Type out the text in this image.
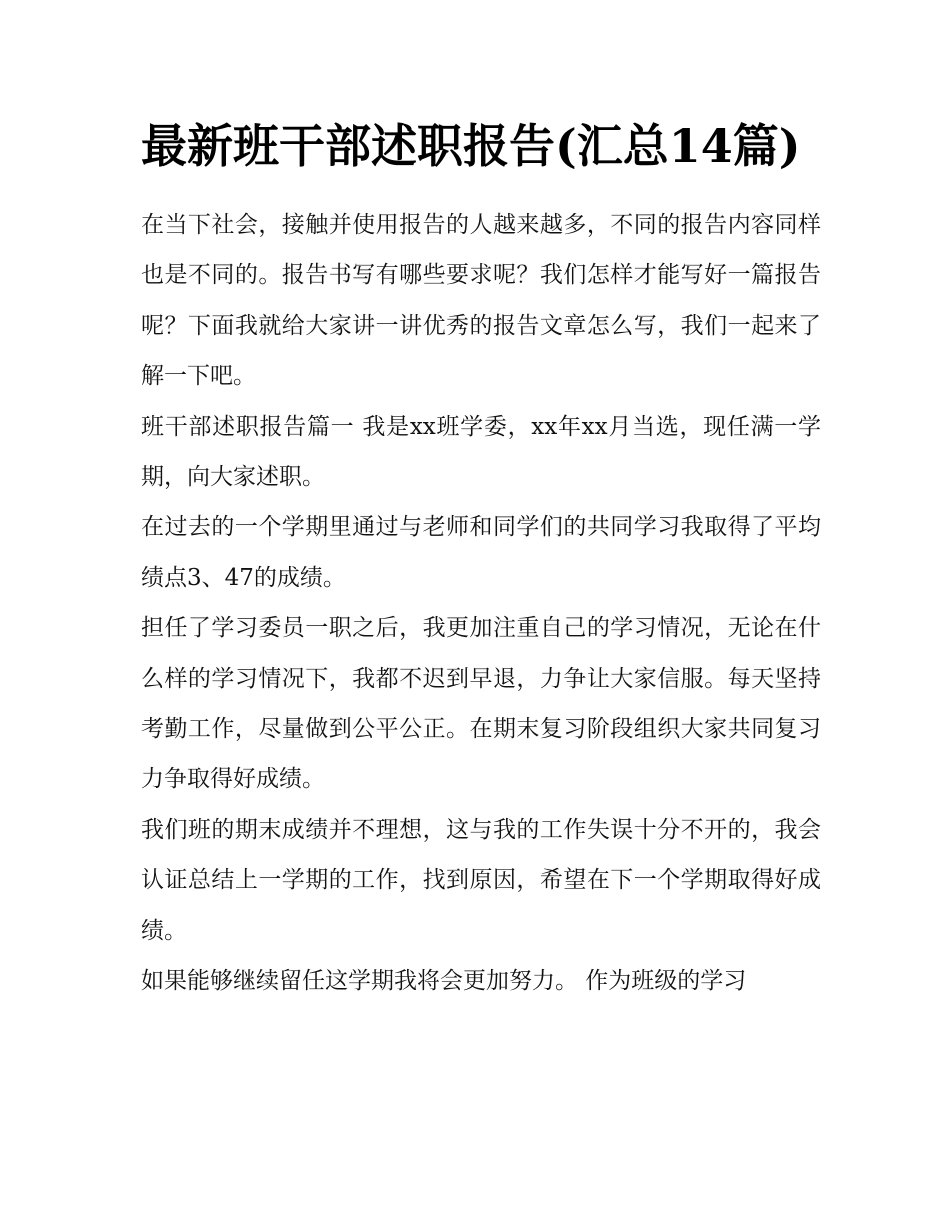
最新班干部述职报告(汇总14篇)

在当下社会，接触并使用报告的人越来越多，不同的报告内容同样也是不同的。报告书写有哪些要求呢？我们怎样才能写好一篇报告呢？下面我就给大家讲一讲优秀的报告文章怎么写，我们一起来了解一下吧。

班干部述职报告篇一 我是xx班学委，xx年xx月当选，现任满一学期，向大家述职。

在过去的一个学期里通过与老师和同学们的共同学习我取得了平均绩点3、47的成绩。

担任了学习委员一职之后，我更加注重自己的学习情况，无论在什么样的学习情况下，我都不迟到早退，力争让大家信服。每天坚持考勤工作，尽量做到公平公正。在期末复习阶段组织大家共同复习力争取得好成绩。

我们班的期末成绩并不理想，这与我的工作失误十分不开的，我会认证总结上一学期的工作，找到原因，希望在下一个学期取得好成绩。

如果能够继续留任这学期我将会更加努力。 作为班级的学习
